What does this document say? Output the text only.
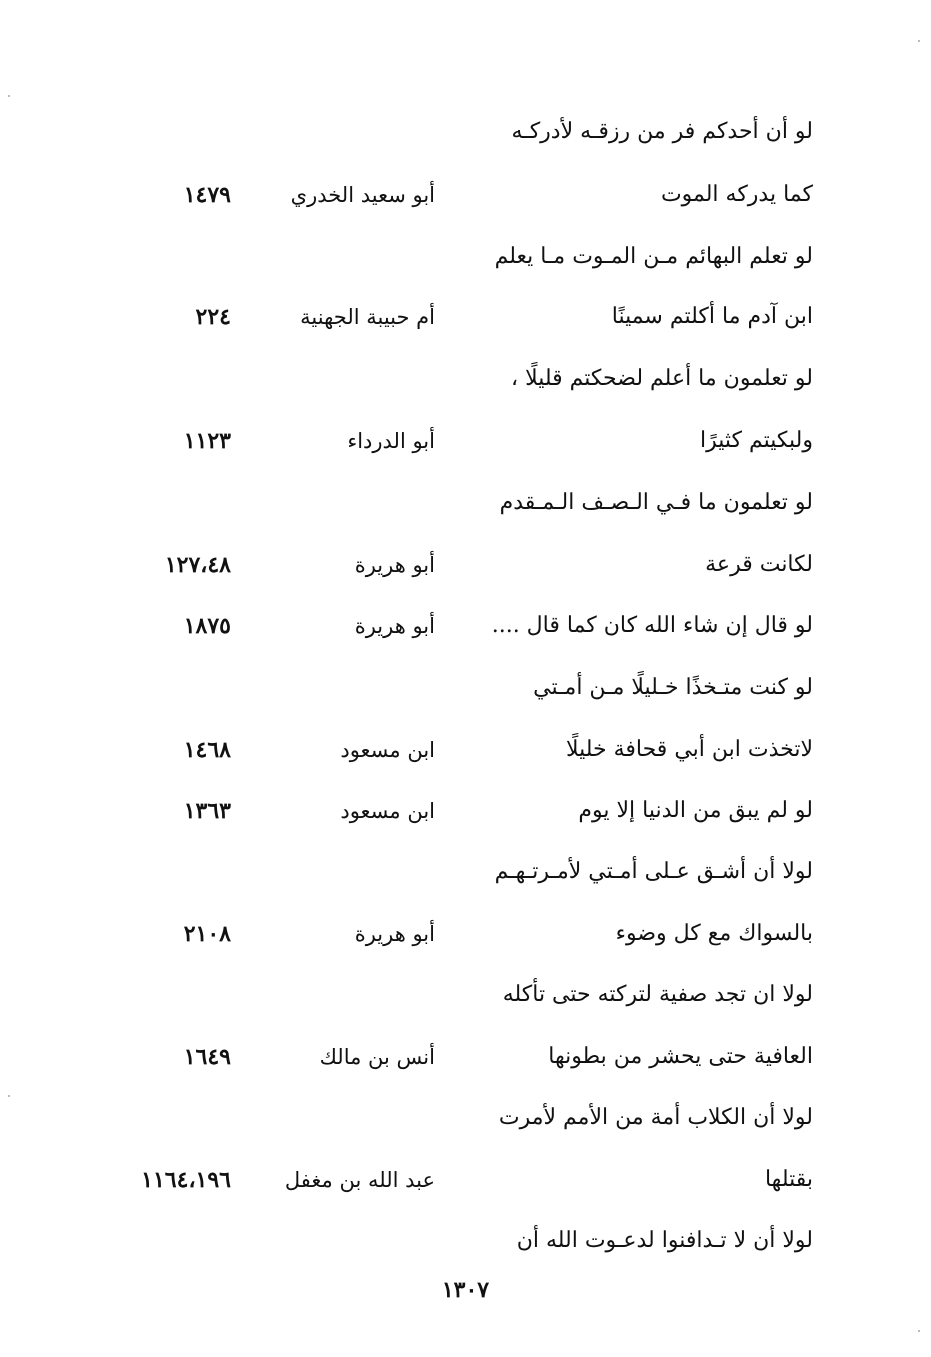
لو أن أحدكم فر من رزقـه لأدركـه
كما يدركه الموت
أبو سعيد الخدري
١٤٧٩
لو تعلم البهائم مـن المـوت مـا يعلم
ابن آدم ما أكلتم سمينًا
أم حبيبة الجهنية
٢٢٤
لو تعلمون ما أعلم لضحكتم قليلًا ،
ولبكيتم كثيرًا
أبو الدرداء
١١٢٣
لو تعلمون ما فـي الـصـف الـمـقدم
لكانت قرعة
أبو هريرة
١٢٧،٤٨
لو قال إن شاء الله كان كما قال ....
أبو هريرة
١٨٧٥
لو كنت متـخذًا خـليلًا مـن أمـتي
لاتخذت ابن أبي قحافة خليلًا
ابن مسعود
١٤٦٨
لو لم يبق من الدنيا إلا يوم
ابن مسعود
١٣٦٣
لولا أن أشـق عـلى أمـتي لأمـرتـهـم
بالسواك مع كل وضوء
أبو هريرة
٢١٠٨
لولا ان تجد صفية لتركته حتى تأكله
العافية حتى يحشر من بطونها
أنس بن مالك
١٦٤٩
لولا أن الكلاب أمة من الأمم لأمرت
بقتلها
عبد الله بن مغفل
١١٦٤،١٩٦
لولا أن لا تـدافنوا لدعـوت الله أن
١٣٠٧
